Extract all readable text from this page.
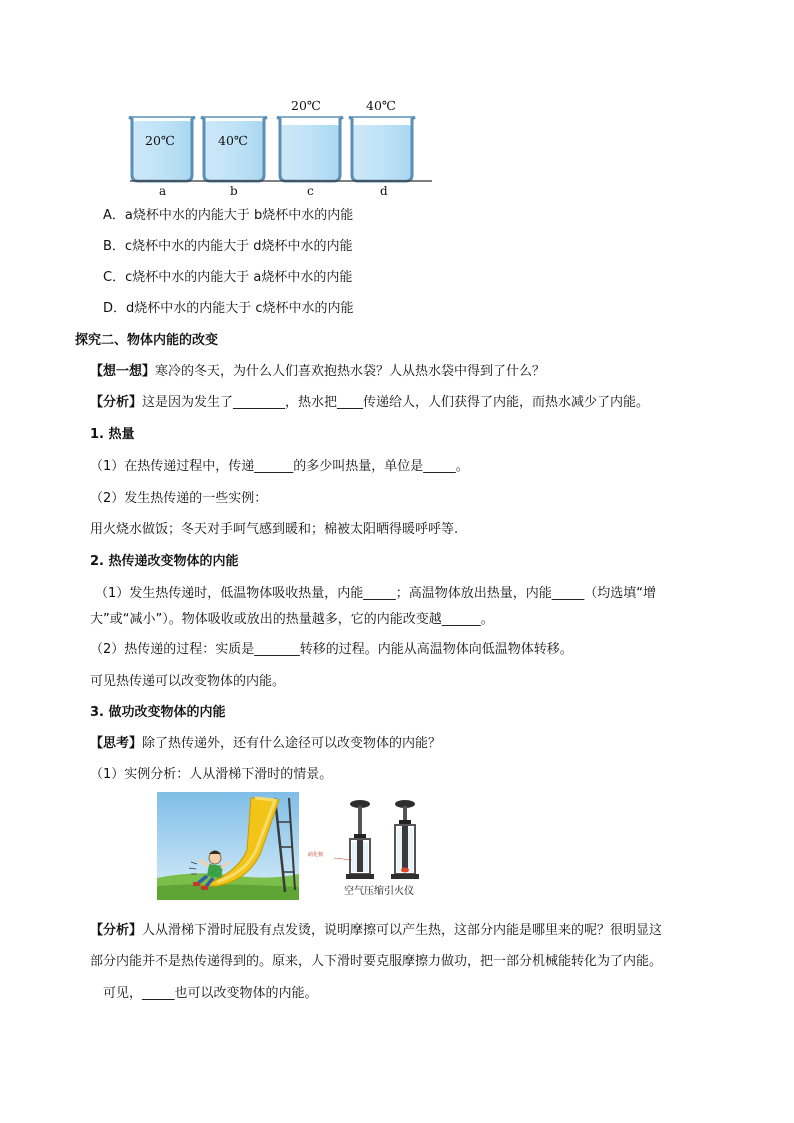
20℃	40℃
20℃	40℃
a	b	c	d
A．a烧杯中水的内能大于 b烧杯中水的内能
B．c烧杯中水的内能大于 d烧杯中水的内能
C．c烧杯中水的内能大于 a烧杯中水的内能
D．d烧杯中水的内能大于 c烧杯中水的内能
探究二、物体内能的改变
【想一想】寒冷的冬天，为什么人们喜欢抱热水袋？人从热水袋中得到了什么？
【分析】这是因为发生了________，热水把____传递给人，人们获得了内能，而热水减少了内能。
1. 热量
（1）在热传递过程中，传递______的多少叫热量，单位是_____。
（2）发生热传递的一些实例：
用火烧水做饭；冬天对手呵气感到暖和；棉被太阳晒得暖呼呼等.
2. 热传递改变物体的内能
（1）发生热传递时，低温物体吸收热量，内能_____；高温物体放出热量，内能_____（均选填“增
大”或“减小”）。物体吸收或放出的热量越多，它的内能改变越______。
（2）热传递的过程：实质是_______转移的过程。内能从高温物体向低温物体转移。
可见热传递可以改变物体的内能。
3. 做功改变物体的内能
【思考】除了热传递外，还有什么途径可以改变物体的内能？
（1）实例分析：人从滑梯下滑时的情景。
硝化棉
空气压缩引火仪
【分析】人从滑梯下滑时屁股有点发烫，说明摩擦可以产生热，这部分内能是哪里来的呢？很明显这
部分内能并不是热传递得到的。原来，人下滑时要克服摩擦力做功，把一部分机械能转化为了内能。
可见，_____也可以改变物体的内能。
